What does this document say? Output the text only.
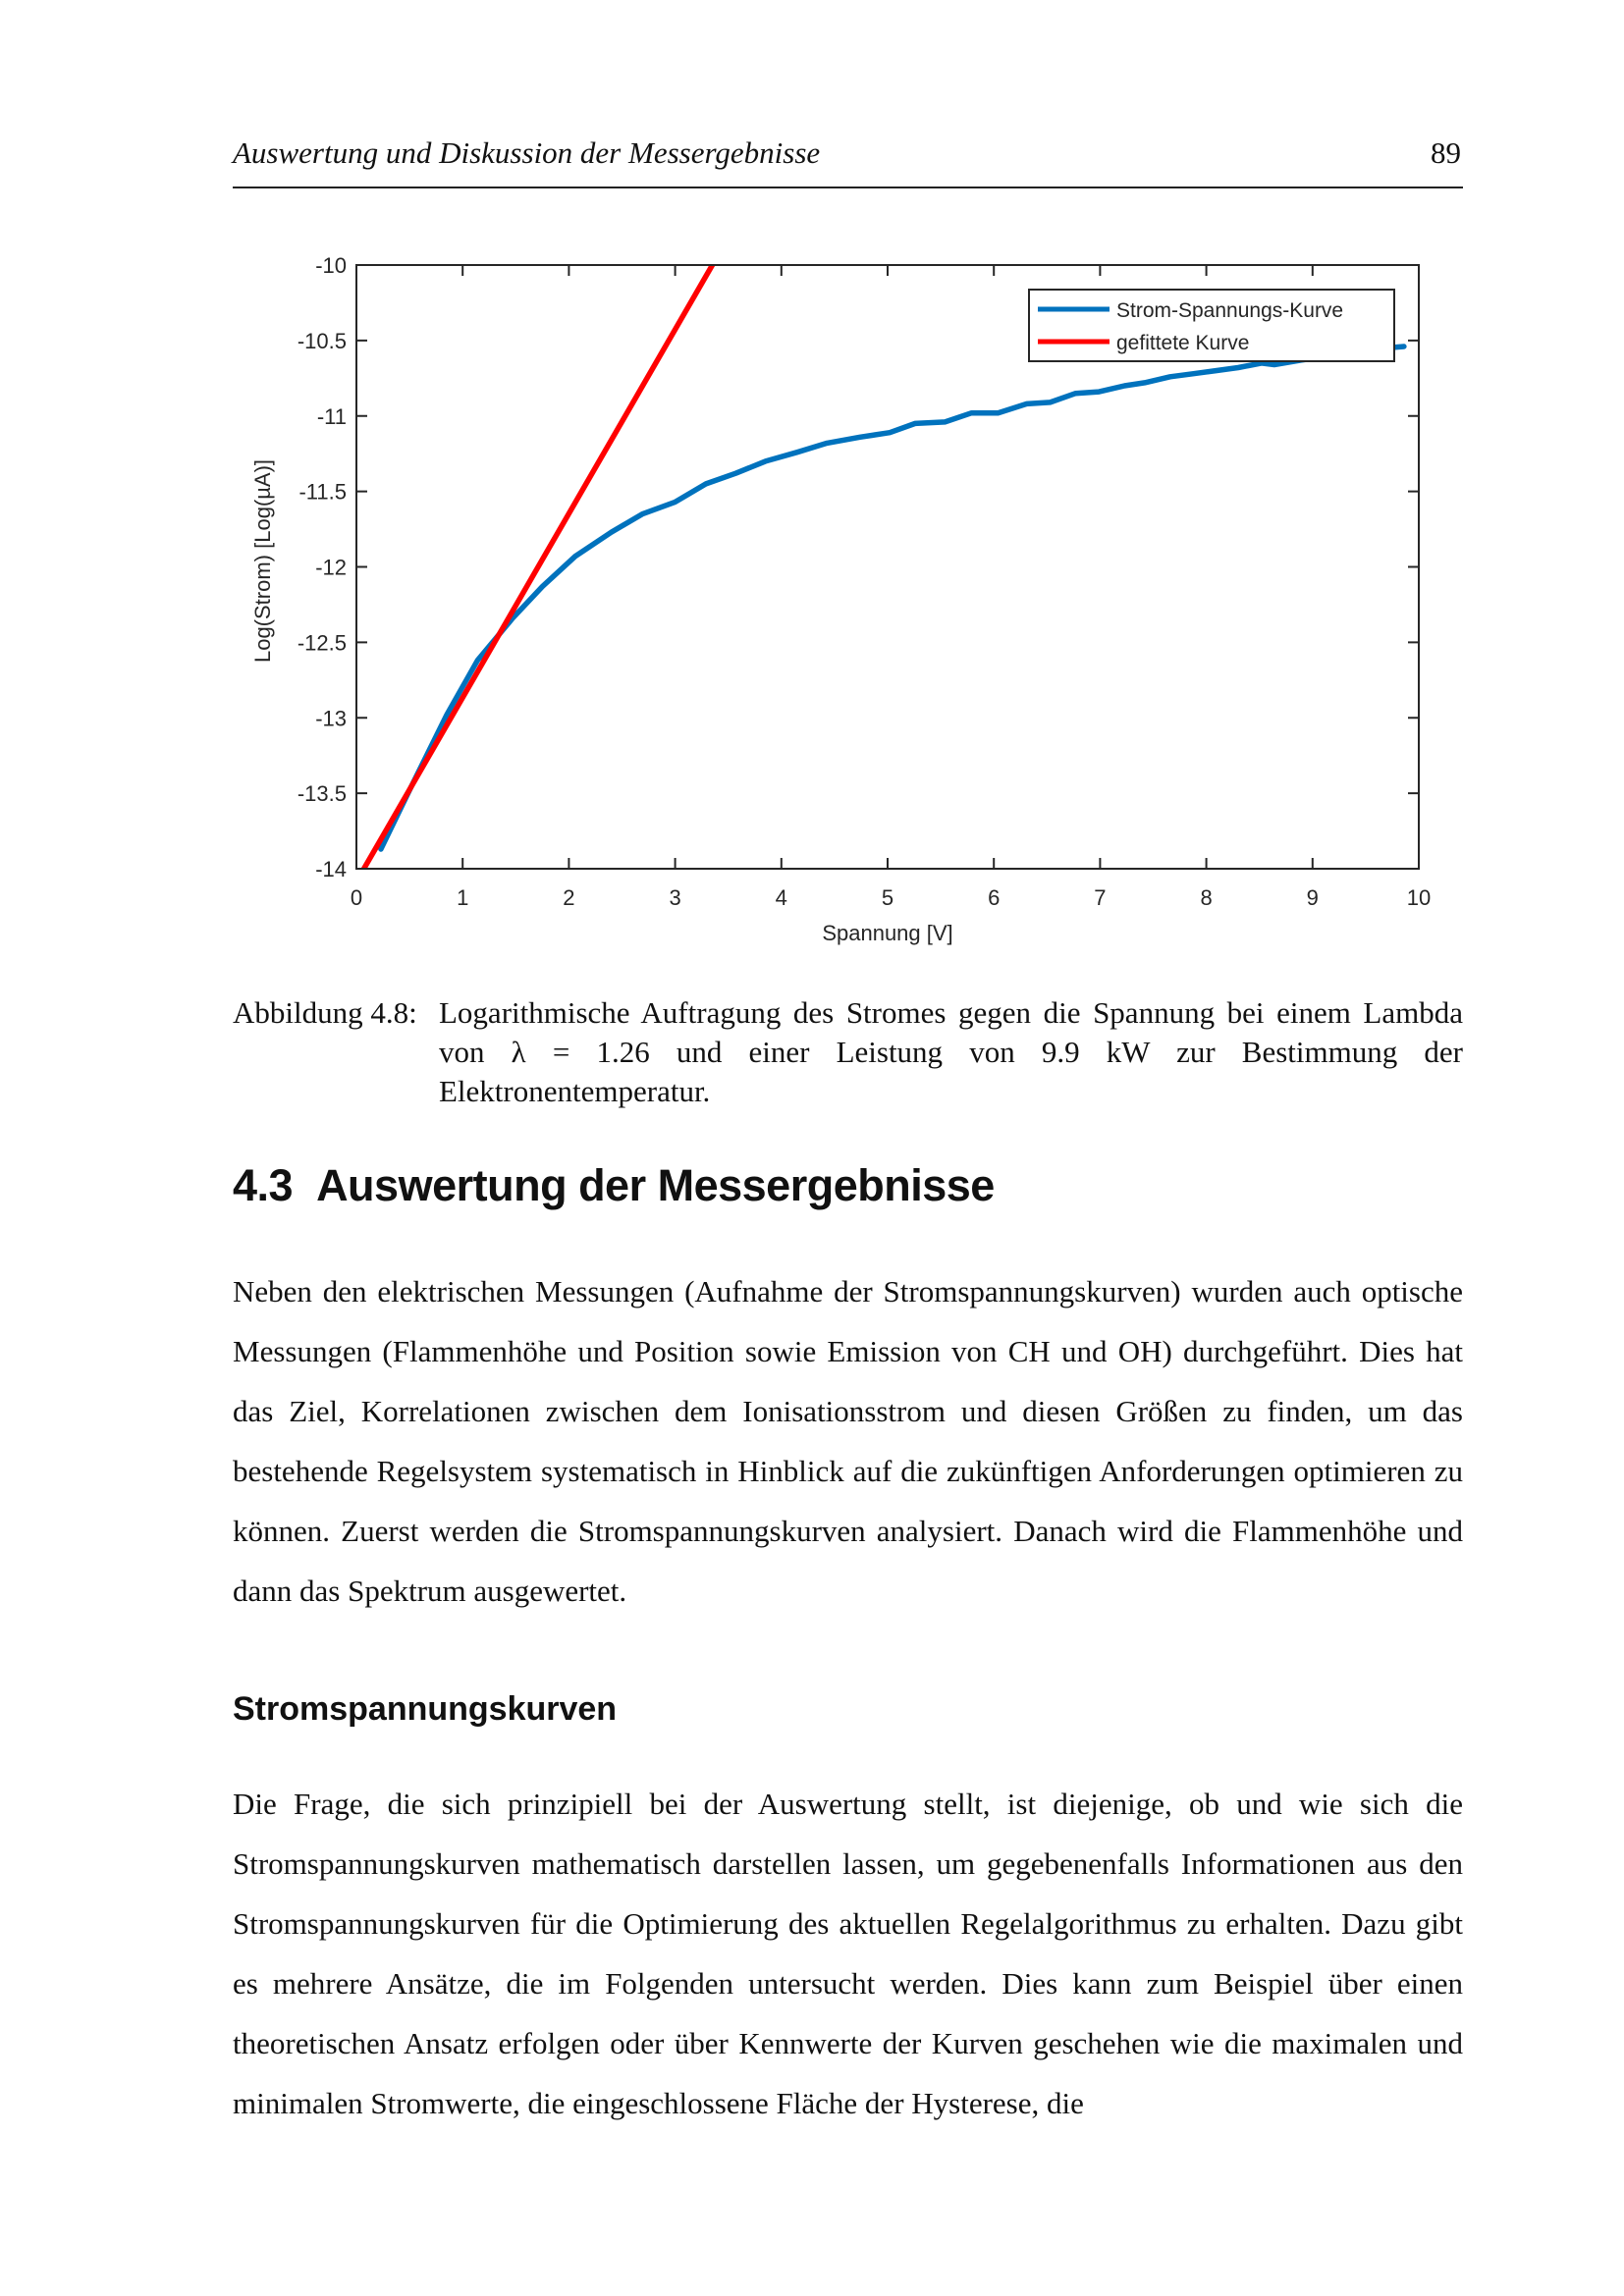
Auswertung und Diskussion der Messergebnisse	89
0	1	2	3	4	5	6	7	8	9	10
-10
-10.5
-11
-11.5
-12
-12.5
-13
-13.5
-14
Spannung [V]
Log(Strom) [Log(µA)]
Strom-Spannungs-Kurve
gefittete Kurve
Abbildung 4.8: Logarithmische Auftragung des Stromes gegen die Spannung bei einem Lambda von λ = 1.26 und einer Leistung von 9.9 kW zur Bestimmung der Elektronentemperatur.
4.3 Auswertung der Messergebnisse
Neben den elektrischen Messungen (Aufnahme der Stromspannungskurven) wurden auch optische Messungen (Flammenhöhe und Position sowie Emission von CH und OH) durchgeführt. Dies hat das Ziel, Korrelationen zwischen dem Ionisationsstrom und diesen Größen zu finden, um das bestehende Regelsystem systematisch in Hinblick auf die zukünftigen Anforderungen optimieren zu können. Zuerst werden die Stromspannungskurven analysiert. Danach wird die Flammenhöhe und dann das Spektrum ausgewertet.
Stromspannungskurven
Die Frage, die sich prinzipiell bei der Auswertung stellt, ist diejenige, ob und wie sich die Stromspannungskurven mathematisch darstellen lassen, um gegebenenfalls Informationen aus den Stromspannungskurven für die Optimierung des aktuellen Regelalgorithmus zu erhalten. Dazu gibt es mehrere Ansätze, die im Folgenden untersucht werden. Dies kann zum Beispiel über einen theoretischen Ansatz erfolgen oder über Kennwerte der Kurven geschehen wie die maximalen und minimalen Stromwerte, die eingeschlossene Fläche der Hysterese, die
